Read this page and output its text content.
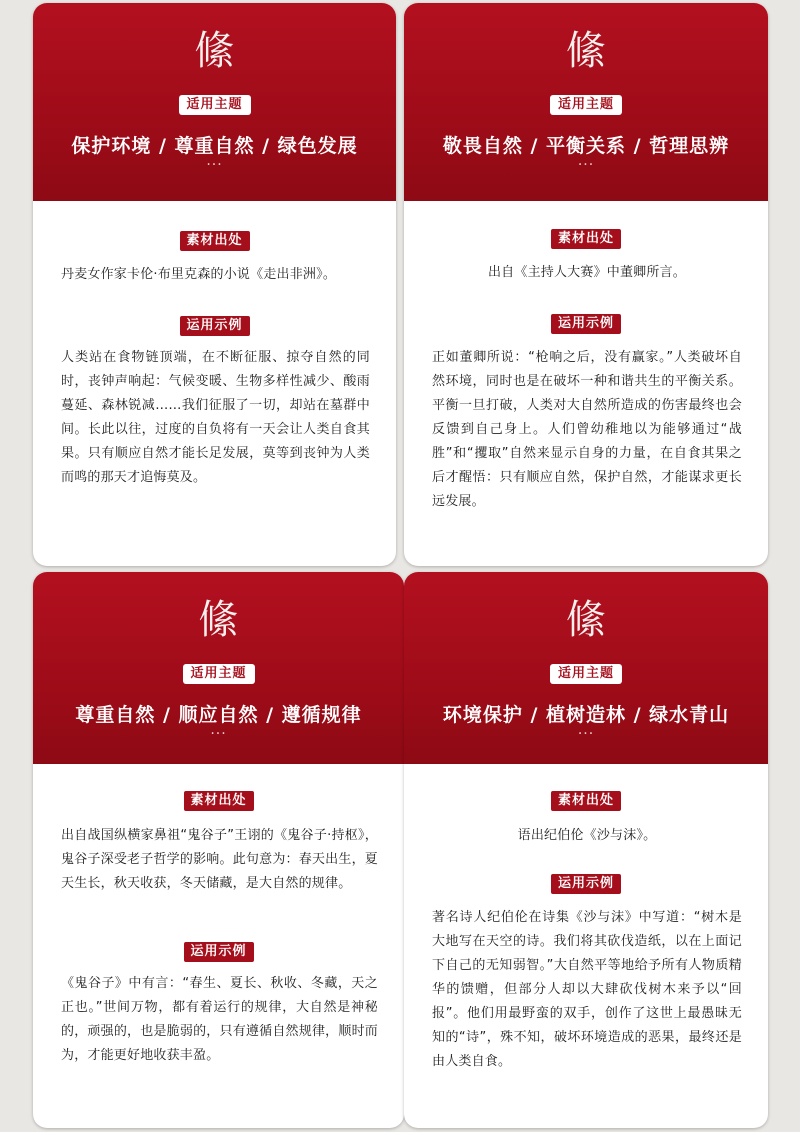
絛
适用主题
保护环境 / 尊重自然 / 绿色发展
···
素材出处
丹麦女作家卡伦·布里克森的小说《走出非洲》。
运用示例
人类站在食物链顶端，在不断征服、掠夺自然的同时，丧钟声响起：气候变暖、生物多样性减少、酸雨蔓延、森林锐减……我们征服了一切，却站在墓群中间。长此以往，过度的自负将有一天会让人类自食其果。只有顺应自然才能长足发展，莫等到丧钟为人类而鸣的那天才追悔莫及。
絛
适用主题
敬畏自然 / 平衡关系 / 哲理思辨
···
素材出处
出自《主持人大赛》中董卿所言。
运用示例
正如董卿所说：“枪响之后，没有赢家。”人类破坏自然环境，同时也是在破坏一种和谐共生的平衡关系。平衡一旦打破，人类对大自然所造成的伤害最终也会反馈到自己身上。人们曾幼稚地以为能够通过“战胜”和“攫取”自然来显示自身的力量，在自食其果之后才醒悟：只有顺应自然，保护自然，才能谋求更长远发展。
絛
适用主题
尊重自然 / 顺应自然 / 遵循规律
···
素材出处
出自战国纵横家鼻祖“鬼谷子”王诩的《鬼谷子·持枢》，鬼谷子深受老子哲学的影响。此句意为：春天出生，夏天生长，秋天收获，冬天储藏，是大自然的规律。
运用示例
《鬼谷子》中有言：“春生、夏长、秋收、冬藏，天之正也。”世间万物，都有着运行的规律，大自然是神秘的，顽强的，也是脆弱的，只有遵循自然规律，顺时而为，才能更好地收获丰盈。
絛
适用主题
环境保护 / 植树造林 / 绿水青山
···
素材出处
语出纪伯伦《沙与沫》。
运用示例
著名诗人纪伯伦在诗集《沙与沫》中写道：“树木是大地写在天空的诗。我们将其砍伐造纸，以在上面记下自己的无知弱智。”大自然平等地给予所有人物质精华的馈赠，但部分人却以大肆砍伐树木来予以“回报”。他们用最野蛮的双手，创作了这世上最愚昧无知的“诗”，殊不知，破坏环境造成的恶果，最终还是由人类自食。
